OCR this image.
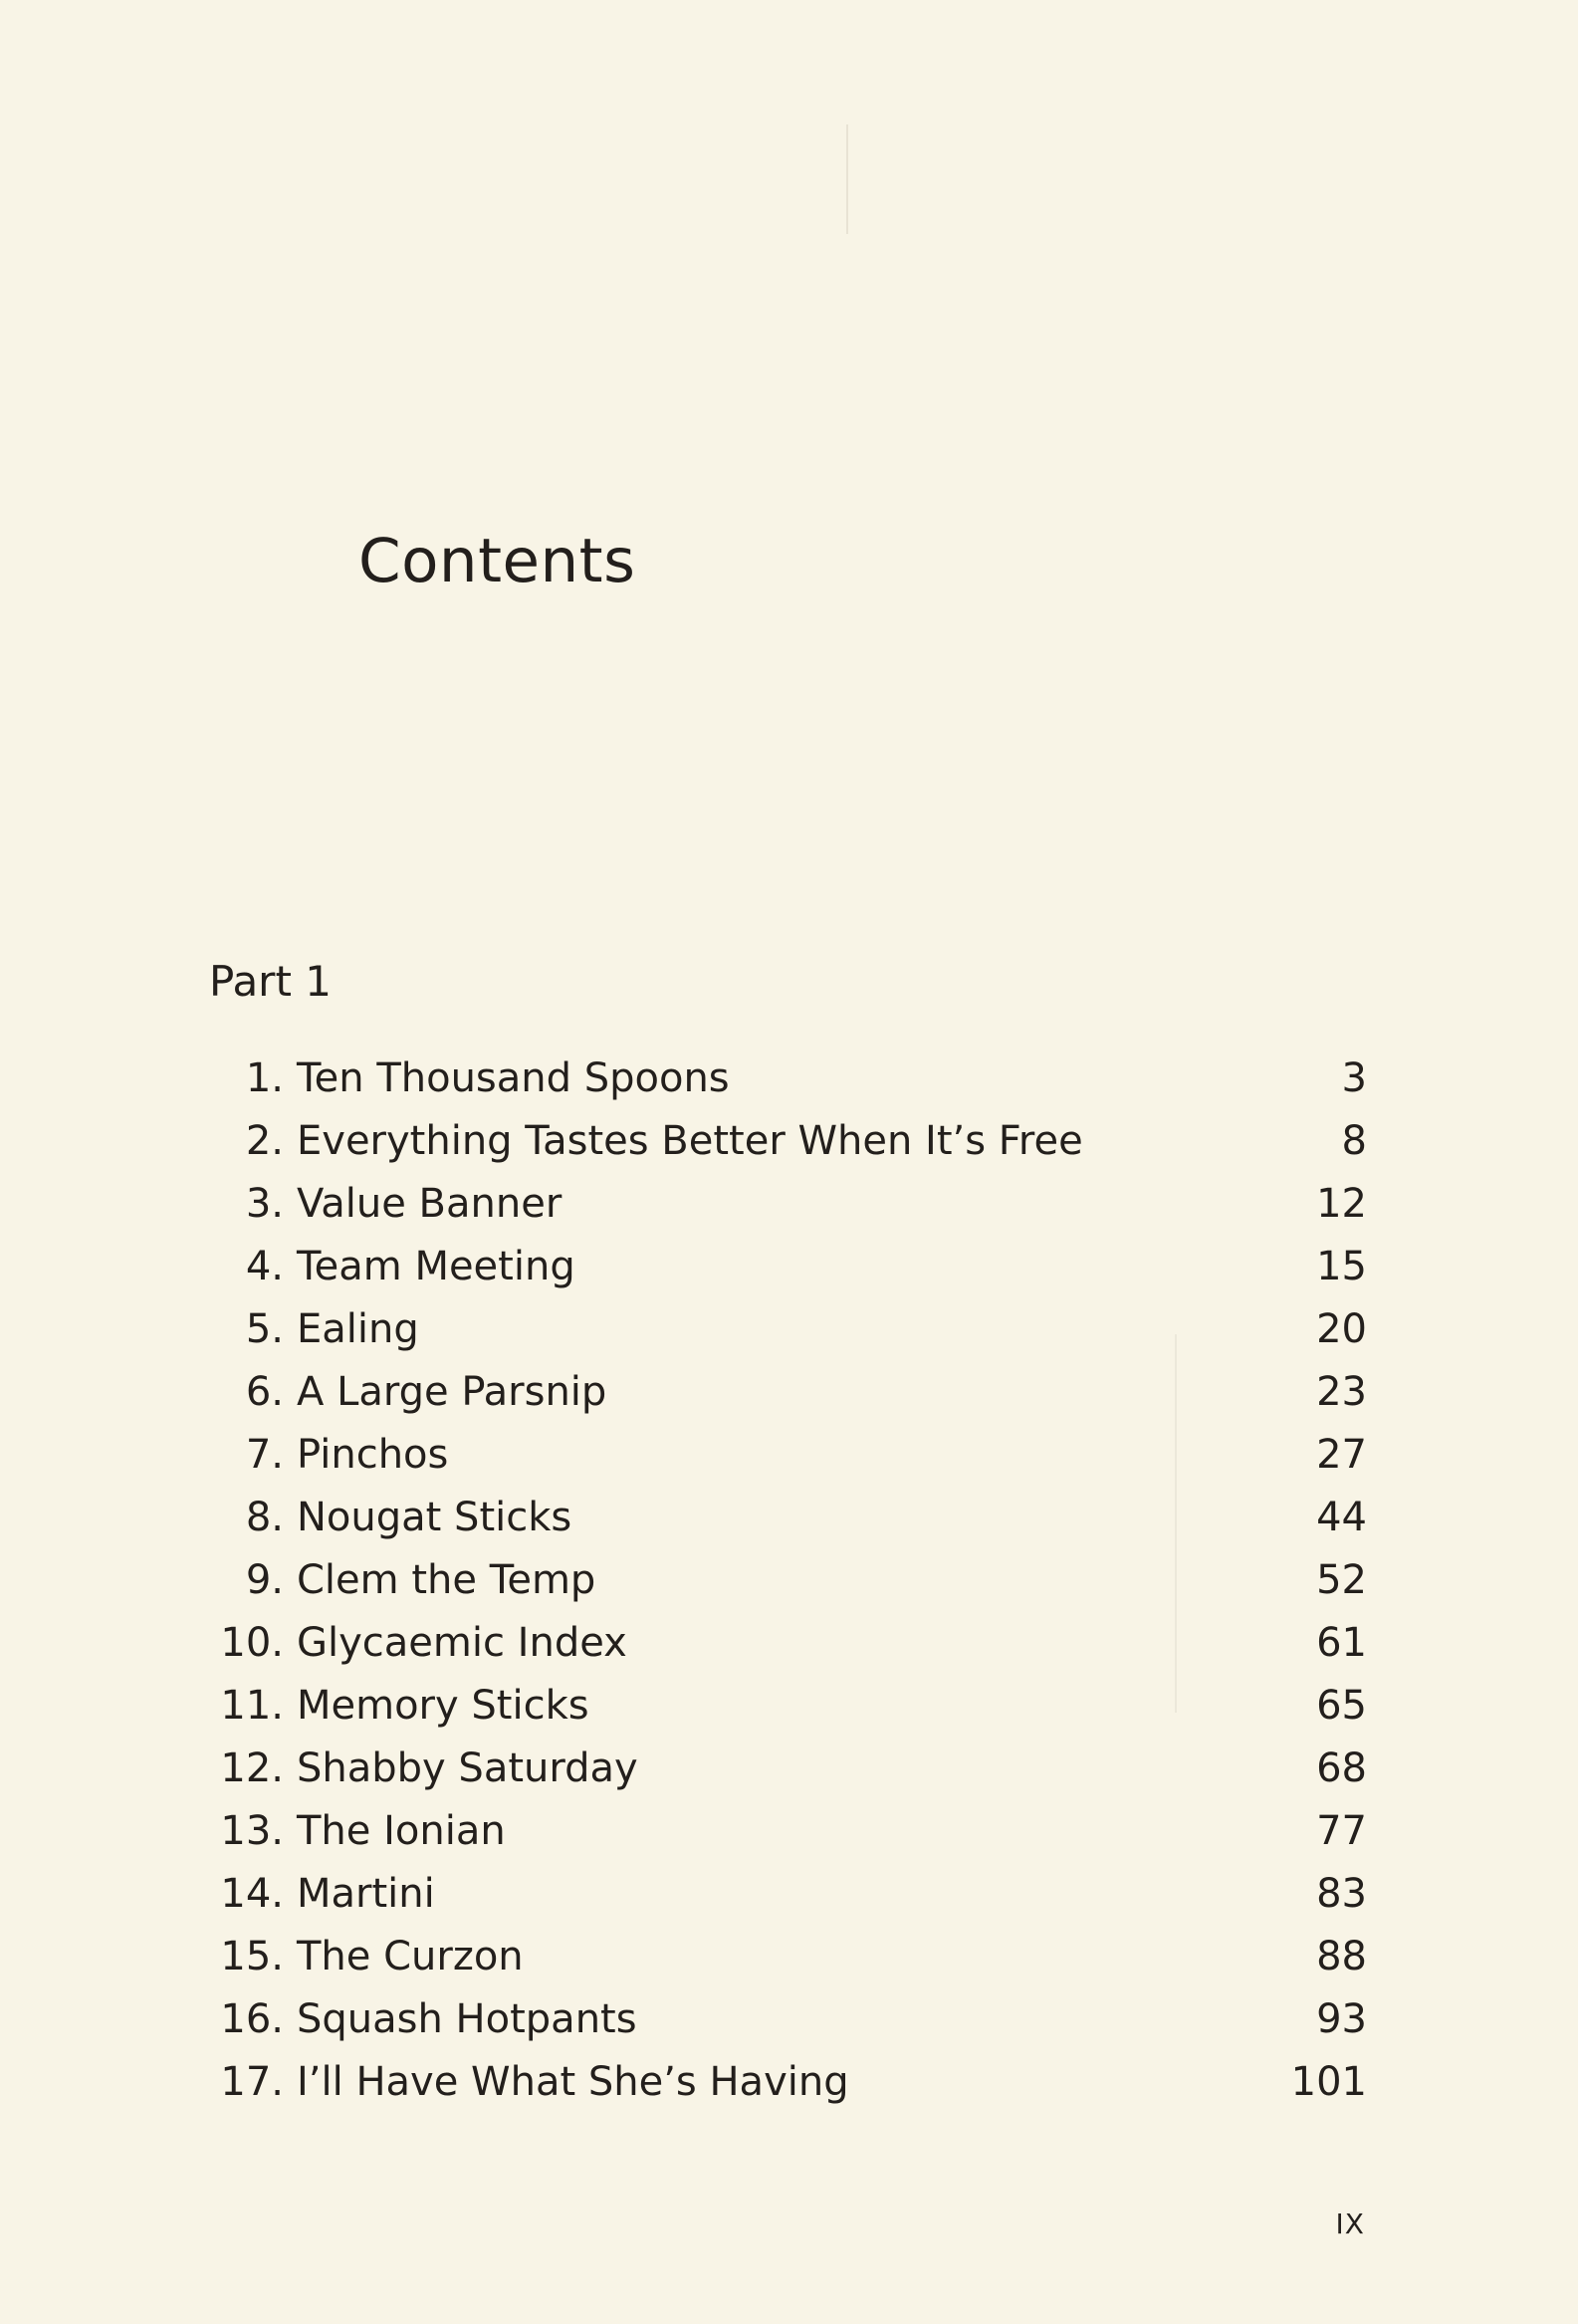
Contents
Part 1
1. Ten Thousand Spoons	3
2. Everything Tastes Better When It’s Free	8
3. Value Banner	12
4. Team Meeting	15
5. Ealing	20
6. A Large Parsnip	23
7. Pinchos	27
8. Nougat Sticks	44
9. Clem the Temp	52
10. Glycaemic Index	61
11. Memory Sticks	65
12. Shabby Saturday	68
13. The Ionian	77
14. Martini	83
15. The Curzon	88
16. Squash Hotpants	93
17. I’ll Have What She’s Having	101
IX
